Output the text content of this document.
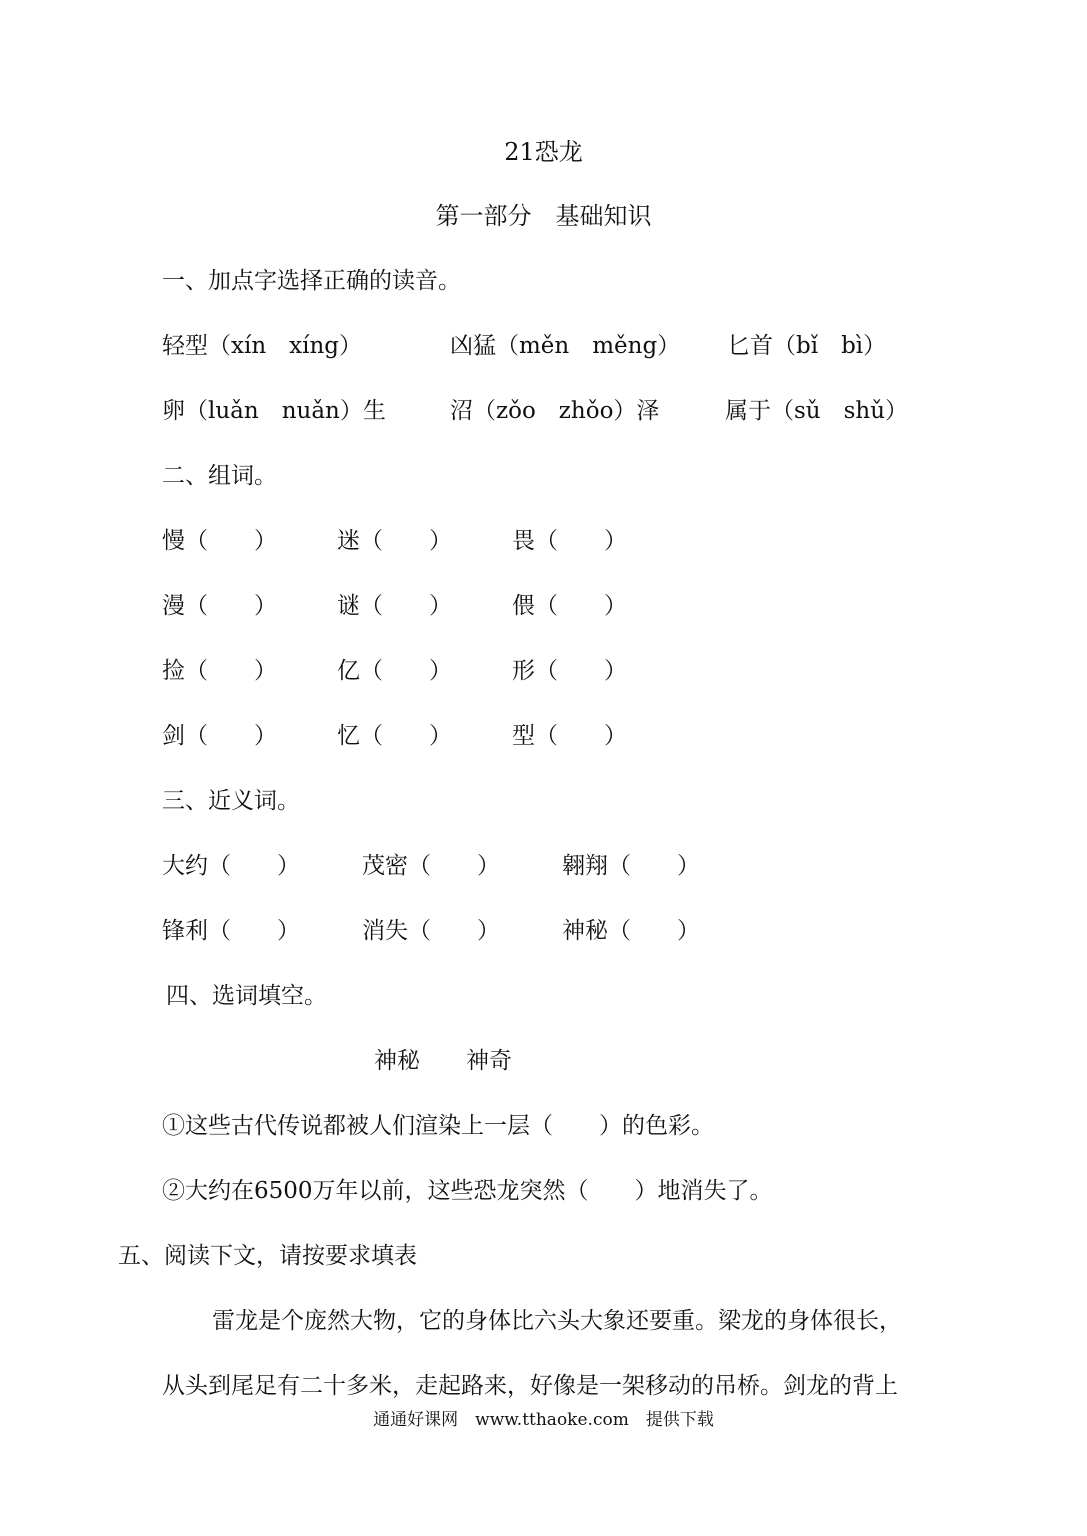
21恐龙
第一部分　基础知识
一、加点字选择正确的读音。
轻型（xín　xíng）	凶猛（měn　měng） 匕首（bǐ　bì）
卵（luǎn　nuǎn）生	沼（zǒo　zhǒo）泽	属于（sǔ　shǔ）
二、组词。
慢（　　）	迷（　　）	畏（　　）
漫（　　）	谜（　　）	偎（　　）
捡（　　）	亿（　　）	形（　　）
剑（　　）	忆（　　）	型（　　）
三、近义词。
大约（　　）	茂密（　　）	翱翔（　　）
锋利（　　）	消失（　　）	神秘（　　）
四、选词填空。
神秘　　神奇
①这些古代传说都被人们渲染上一层（　　）的色彩。
②大约在6500万年以前，这些恐龙突然（　　）地消失了。
五、阅读下文，请按要求填表
雷龙是个庞然大物，它的身体比六头大象还要重。梁龙的身体很长，
从头到尾足有二十多米，走起路来，好像是一架移动的吊桥。剑龙的背上
通通好课网　www.tthaoke.com　提供下载
